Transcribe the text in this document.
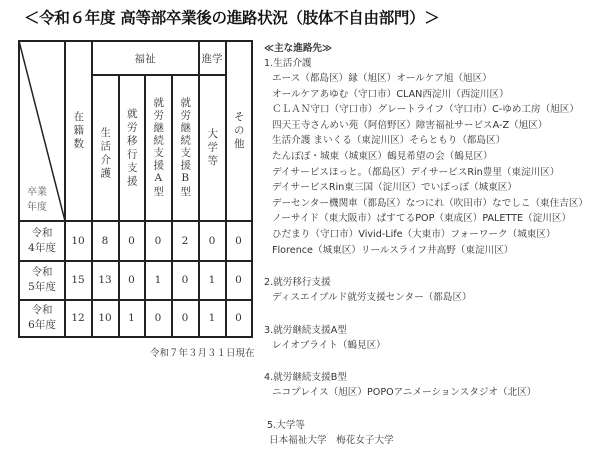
＜令和６年度 高等部卒業後の進路状況（肢体不自由部門）＞
卒業
年度
福祉	進学
在籍数 生活介護 就労移行支援 就労継続支援A型 就労継続支援B型 大学等 その他
令和
4年度
10	8	0	0	2	0	0
令和
5年度
15	13	0	1	0	1	0
令和
6年度
12	10	1	0	0	1	0
令和７年３月３１日現在
≪主な進路先≫
1.生活介護
エース（都島区）縁（旭区）オールケア旭（旭区）
オールケアあゆむ（守口市）CLAN西淀川（西淀川区）
ＣＬＡＮ守口（守口市）グレートライフ（守口市）C-ゆめ工房（旭区）
四天王寺さんめい苑（阿倍野区）障害福祉サービスA-Z（旭区）
生活介護 まいくる（東淀川区）そらともり（都島区）
たんぽぽ・城東（城東区）鶴見希望の会（鶴見区）
デイサービスほっと。（都島区）デイサービスRin豊里（東淀川区）
デイサービスRin東三国（淀川区）でいぽっぽ（城東区）
デーセンター機関車（都島区）なつにれ（吹田市）なでしこ（東住吉区）
ノーサイド（東大阪市）ぱすてるPOP（東成区）PALETTE（淀川区）
ひだまり（守口市）Vivid-Life（大東市）フォーワーク（城東区）
Florence（城東区）リールスライフ井高野（東淀川区）
2.就労移行支援
ディスエイブルド就労支援センター（都島区）
3.就労継続支援A型
レイオブライト（鶴見区）
4.就労継続支援B型
ニコプレイス（旭区）POPOアニメーションスタジオ（北区）
5.大学等
日本福祉大学　梅花女子大学
